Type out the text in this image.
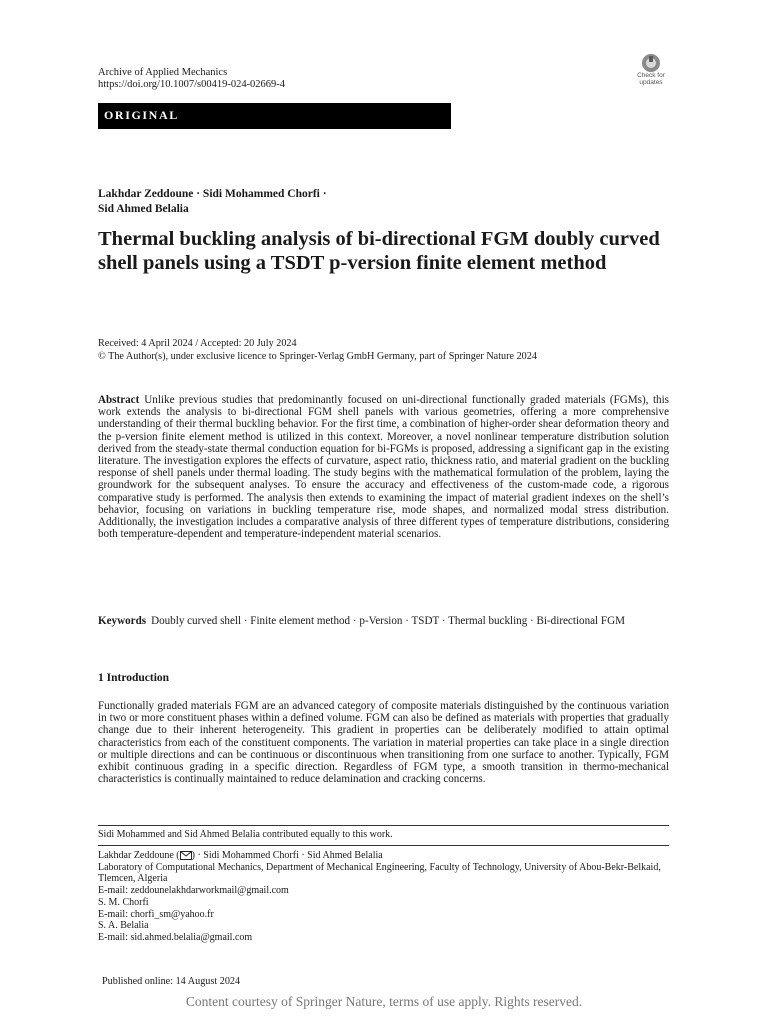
Archive of Applied Mechanics
https://doi.org/10.1007/s00419-024-02669-4
Check for
updates
ORIGINAL
Lakhdar Zeddoune · Sidi Mohammed Chorfi ·
Sid Ahmed Belalia
Thermal buckling analysis of bi-directional FGM doubly curved shell panels using a TSDT p-version finite element method
Received: 4 April 2024 / Accepted: 20 July 2024
© The Author(s), under exclusive licence to Springer-Verlag GmbH Germany, part of Springer Nature 2024
Abstract Unlike previous studies that predominantly focused on uni-directional functionally graded materials (FGMs), this work extends the analysis to bi-directional FGM shell panels with various geometries, offering a more comprehensive understanding of their thermal buckling behavior. For the first time, a combination of higher-order shear deformation theory and the p-version finite element method is utilized in this context. Moreover, a novel nonlinear temperature distribution solution derived from the steady-state thermal conduction equation for bi-FGMs is proposed, addressing a significant gap in the existing literature. The investigation explores the effects of curvature, aspect ratio, thickness ratio, and material gradient on the buckling response of shell panels under thermal loading. The study begins with the mathematical formulation of the problem, laying the groundwork for the subsequent analyses. To ensure the accuracy and effectiveness of the custom-made code, a rigorous comparative study is performed. The analysis then extends to examining the impact of material gradient indexes on the shell’s behavior, focusing on variations in buckling temperature rise, mode shapes, and normalized modal stress distribution. Additionally, the investigation includes a comparative analysis of three different types of temperature distributions, considering both temperature-dependent and temperature-independent material scenarios.
Keywords Doubly curved shell · Finite element method · p-Version · TSDT · Thermal buckling · Bi-directional FGM
1 Introduction
Functionally graded materials FGM are an advanced category of composite materials distinguished by the continuous variation in two or more constituent phases within a defined volume. FGM can also be defined as materials with properties that gradually change due to their inherent heterogeneity. This gradient in properties can be deliberately modified to attain optimal characteristics from each of the constituent components. The variation in material properties can take place in a single direction or multiple directions and can be continuous or discontinuous when transitioning from one surface to another. Typically, FGM exhibit continuous grading in a specific direction. Regardless of FGM type, a smooth transition in thermo-mechanical characteristics is continually maintained to reduce delamination and cracking concerns.
Sidi Mohammed and Sid Ahmed Belalia contributed equally to this work.
Lakhdar Zeddoune ( ) · Sidi Mohammed Chorfi · Sid Ahmed Belalia
Laboratory of Computational Mechanics, Department of Mechanical Engineering, Faculty of Technology, University of Abou-Bekr-Belkaid, Tlemcen, Algeria
E-mail: zeddounelakhdarworkmail@gmail.com
S. M. Chorfi
E-mail: chorfi_sm@yahoo.fr
S. A. Belalia
E-mail: sid.ahmed.belalia@gmail.com
Published online: 14 August 2024
Content courtesy of Springer Nature, terms of use apply. Rights reserved.
